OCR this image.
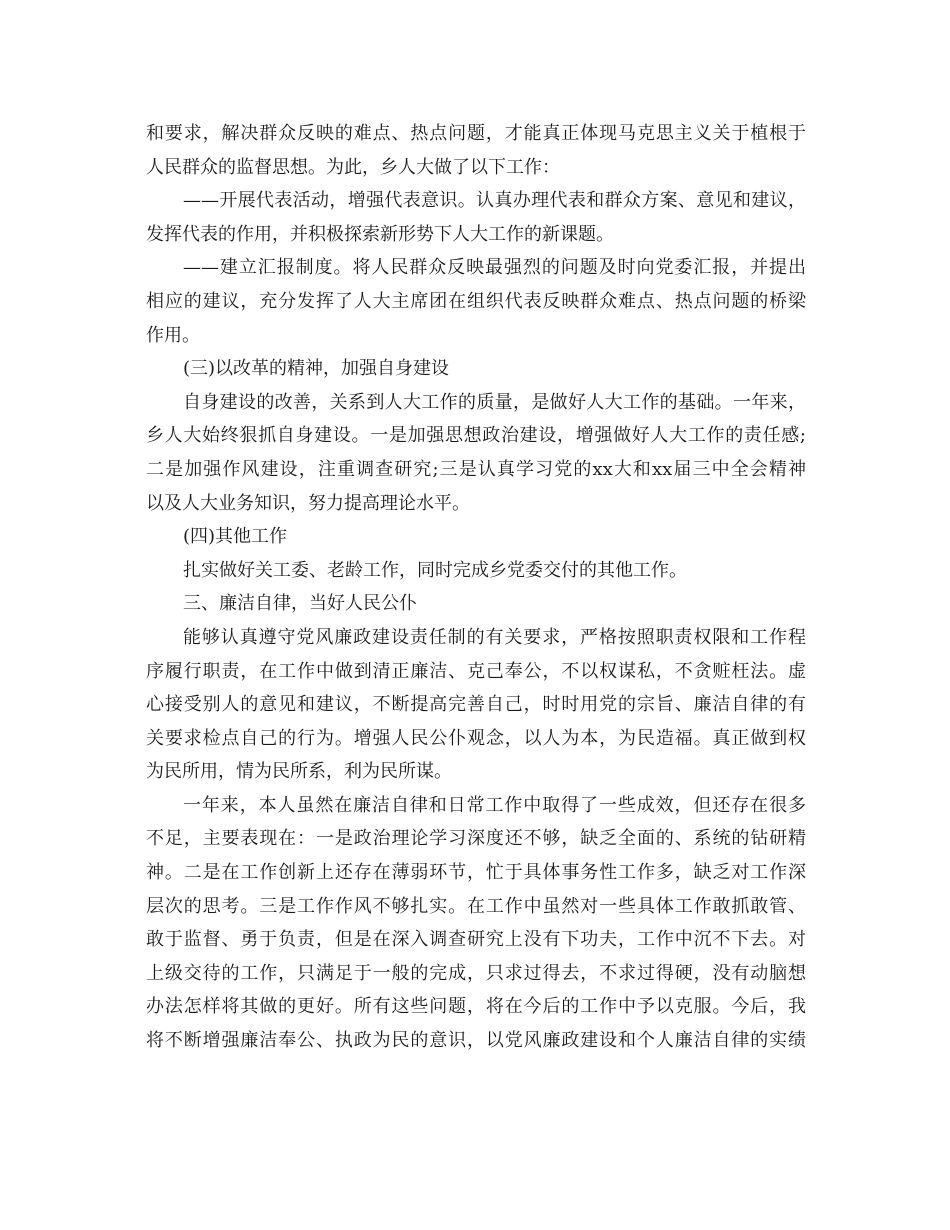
和要求，解决群众反映的难点、热点问题，才能真正体现马克思主义关于植根于
人民群众的监督思想。为此，乡人大做了以下工作：
——开展代表活动，增强代表意识。认真办理代表和群众方案、意见和建议，
发挥代表的作用，并积极探索新形势下人大工作的新课题。
——建立汇报制度。将人民群众反映最强烈的问题及时向党委汇报，并提出
相应的建议，充分发挥了人大主席团在组织代表反映群众难点、热点问题的桥梁
作用。
(三)以改革的精神，加强自身建设
自身建设的改善，关系到人大工作的质量，是做好人大工作的基础。一年来，
乡人大始终狠抓自身建设。一是加强思想政治建设，增强做好人大工作的责任感;
二是加强作风建设，注重调查研究;三是认真学习党的xx大和xx届三中全会精神
以及人大业务知识，努力提高理论水平。
(四)其他工作
扎实做好关工委、老龄工作，同时完成乡党委交付的其他工作。
三、廉洁自律，当好人民公仆
能够认真遵守党风廉政建设责任制的有关要求，严格按照职责权限和工作程
序履行职责，在工作中做到清正廉洁、克己奉公，不以权谋私，不贪赃枉法。虚
心接受别人的意见和建议，不断提高完善自己，时时用党的宗旨、廉洁自律的有
关要求检点自己的行为。增强人民公仆观念，以人为本，为民造福。真正做到权
为民所用，情为民所系，利为民所谋。
一年来，本人虽然在廉洁自律和日常工作中取得了一些成效，但还存在很多
不足，主要表现在：一是政治理论学习深度还不够，缺乏全面的、系统的钻研精
神。二是在工作创新上还存在薄弱环节，忙于具体事务性工作多，缺乏对工作深
层次的思考。三是工作作风不够扎实。在工作中虽然对一些具体工作敢抓敢管、
敢于监督、勇于负责，但是在深入调查研究上没有下功夫，工作中沉不下去。对
上级交待的工作，只满足于一般的完成，只求过得去，不求过得硬，没有动脑想
办法怎样将其做的更好。所有这些问题，将在今后的工作中予以克服。今后，我
将不断增强廉洁奉公、执政为民的意识，以党风廉政建设和个人廉洁自律的实绩
